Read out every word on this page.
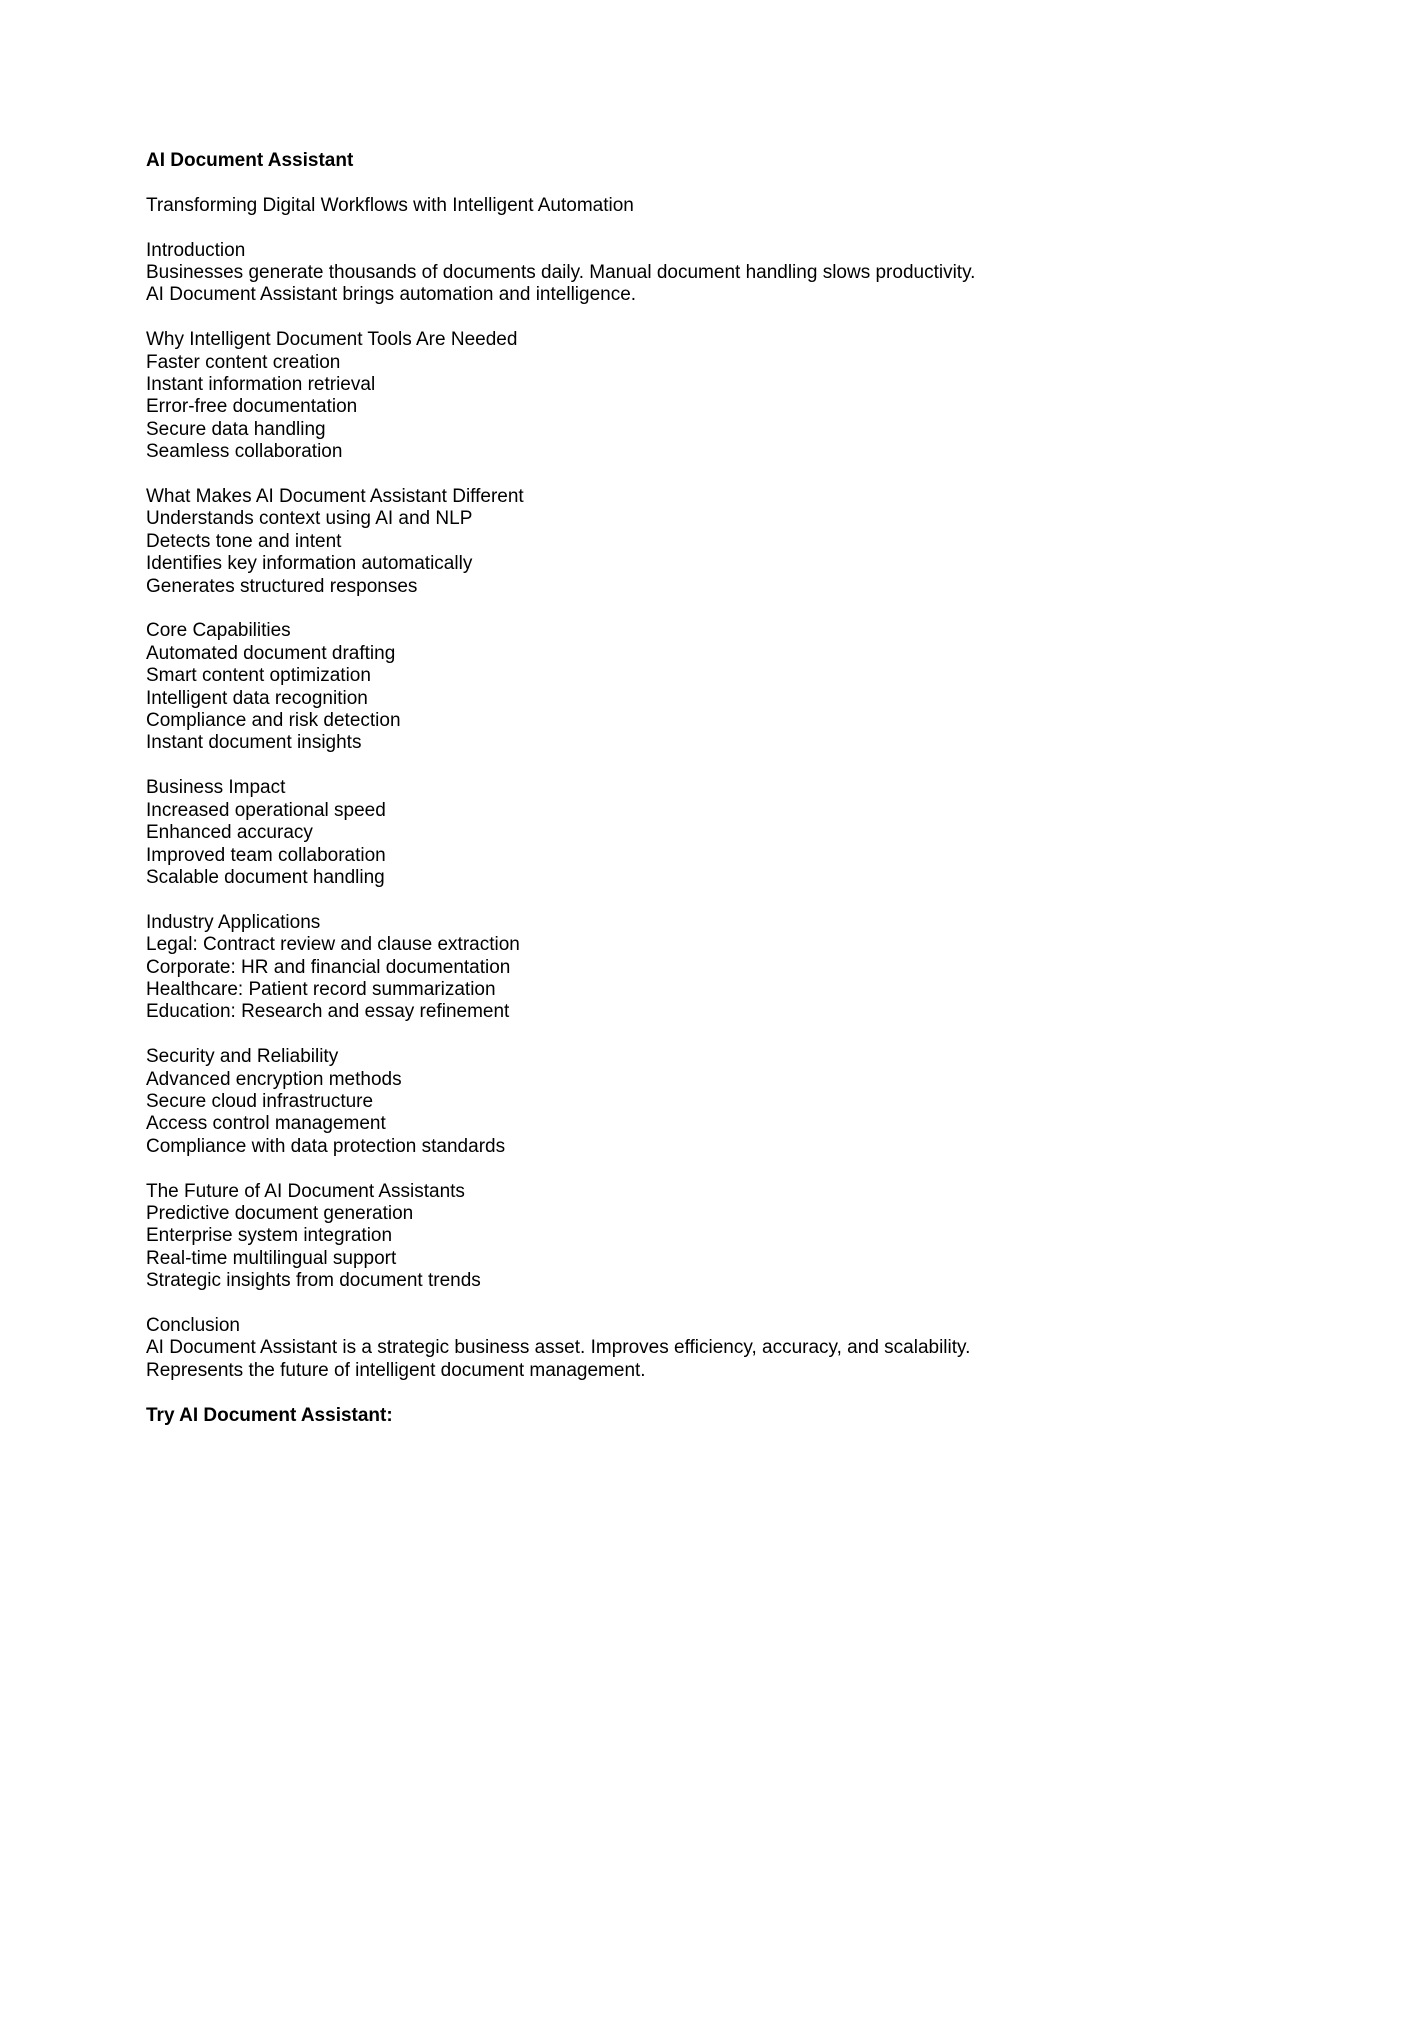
AI Document Assistant
Transforming Digital Workflows with Intelligent Automation
Introduction
Businesses generate thousands of documents daily. Manual document handling slows productivity.
AI Document Assistant brings automation and intelligence.
Why Intelligent Document Tools Are Needed
Faster content creation
Instant information retrieval
Error-free documentation
Secure data handling
Seamless collaboration
What Makes AI Document Assistant Different
Understands context using AI and NLP
Detects tone and intent
Identifies key information automatically
Generates structured responses
Core Capabilities
Automated document drafting
Smart content optimization
Intelligent data recognition
Compliance and risk detection
Instant document insights
Business Impact
Increased operational speed
Enhanced accuracy
Improved team collaboration
Scalable document handling
Industry Applications
Legal: Contract review and clause extraction
Corporate: HR and financial documentation
Healthcare: Patient record summarization
Education: Research and essay refinement
Security and Reliability
Advanced encryption methods
Secure cloud infrastructure
Access control management
Compliance with data protection standards
The Future of AI Document Assistants
Predictive document generation
Enterprise system integration
Real-time multilingual support
Strategic insights from document trends
Conclusion
AI Document Assistant is a strategic business asset. Improves efficiency, accuracy, and scalability.
Represents the future of intelligent document management.
Try AI Document Assistant:
